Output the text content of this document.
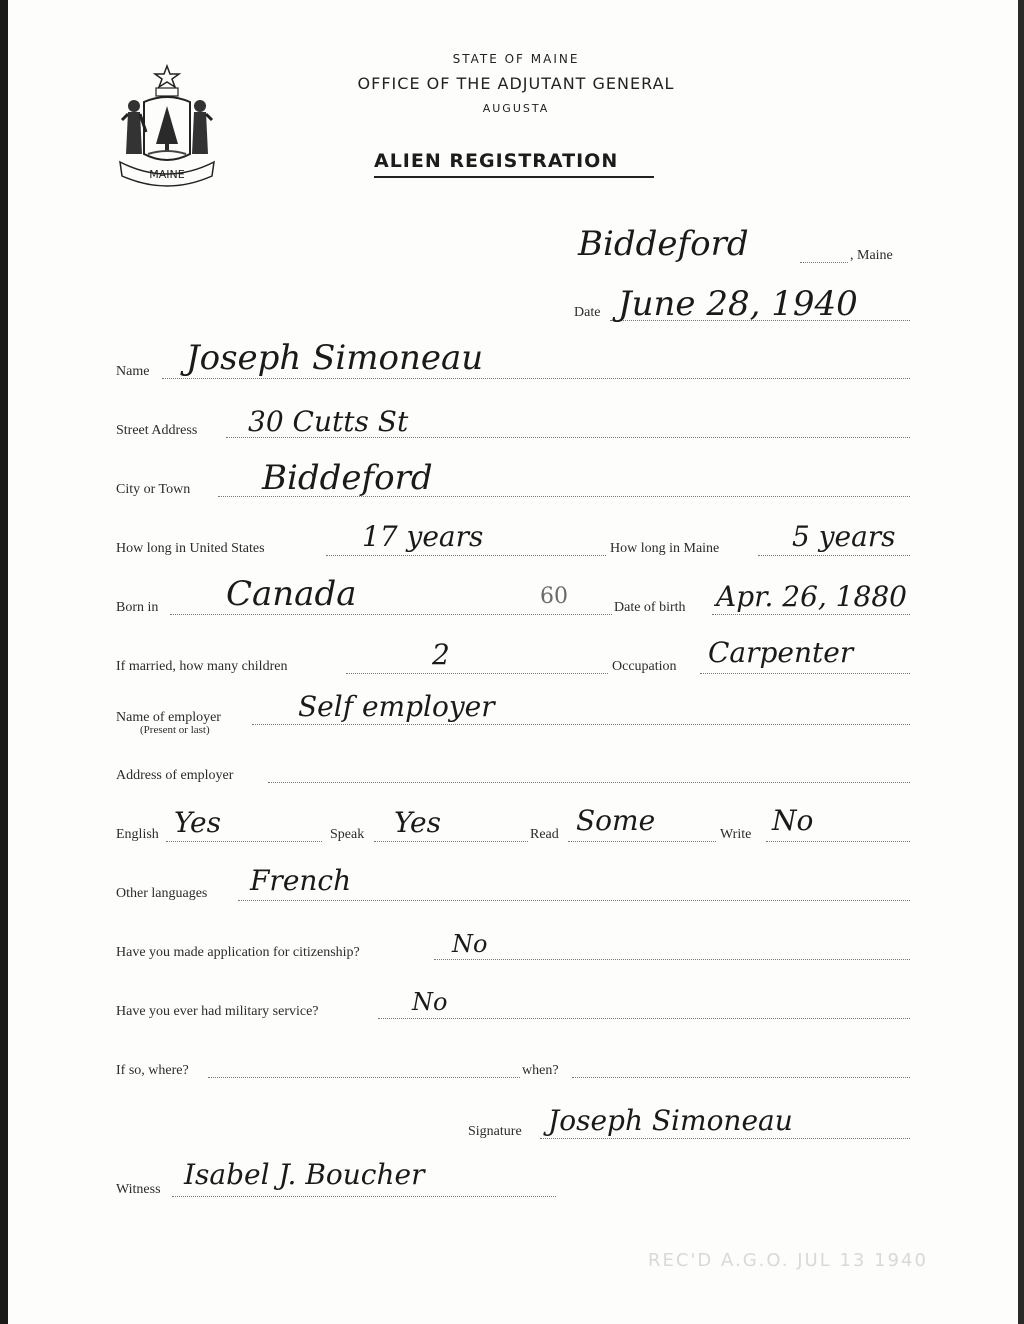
MAINE
STATE OF MAINE
OFFICE OF THE ADJUTANT GENERAL
AUGUSTA
ALIEN REGISTRATION
Biddeford	, Maine
Date June 28, 1940
Name Joseph Simoneau
Street Address 30 Cutts St
City or Town Biddeford
How long in United States	17 years	How long in Maine	5 years
Born in Canada	60	Date of birth Apr. 26, 1880
If married, how many children	2	Occupation Carpenter
Name of employer
(Present or last)
Self employer
Address of employer
English Yes	Speak Yes	Read Some	Write No
Other languages French
Have you made application for citizenship?	No
Have you ever had military service?	No
If so, where?	when?
Signature Joseph Simoneau
Witness Isabel J. Boucher
REC'D A.G.O. JUL 13 1940
